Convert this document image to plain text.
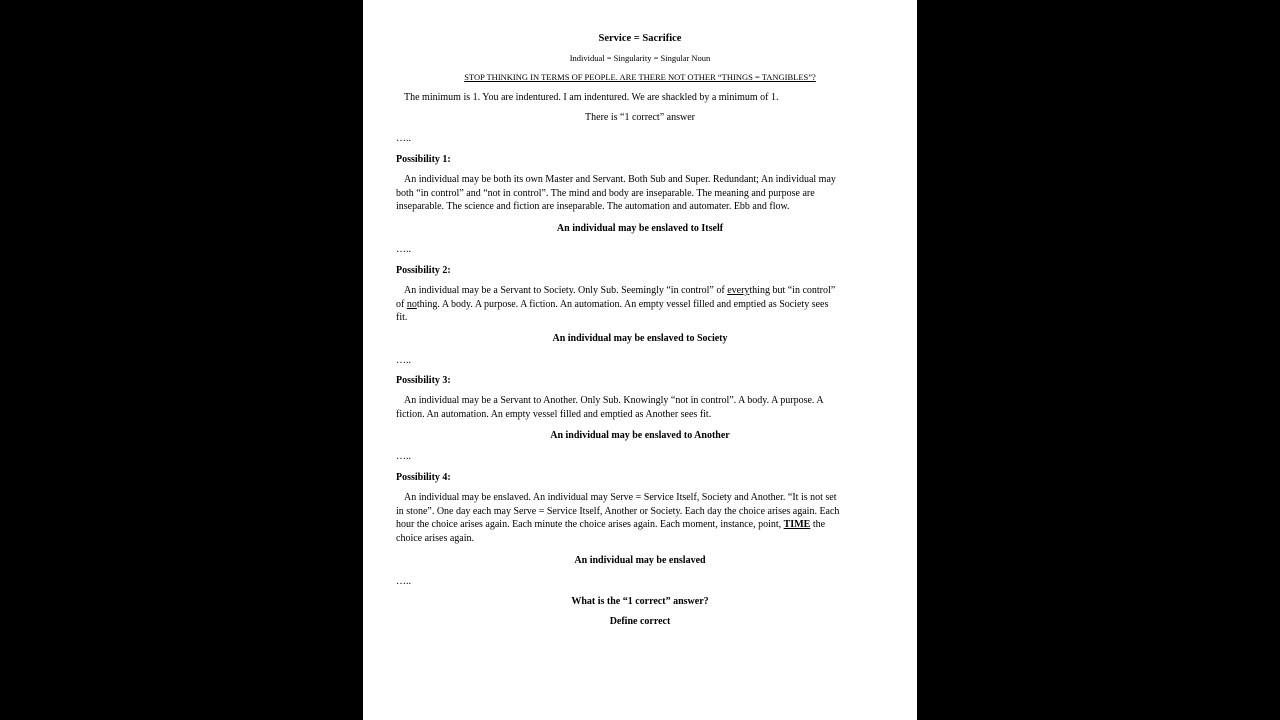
Service = Sacrifice
Individual = Singularity = Singular Noun
STOP THINKING IN TERMS OF PEOPLE. ARE THERE NOT OTHER “THINGS = TANGIBLES”?
The minimum is 1. You are indentured. I am indentured. We are shackled by a minimum of 1.
There is “1 correct” answer
…..
Possibility 1:
An individual may be both its own Master and Servant. Both Sub and Super. Redundant; An individual may
both “in control” and “not in control”. The mind and body are inseparable. The meaning and purpose are
inseparable. The science and fiction are inseparable. The automation and automater. Ebb and flow.
An individual may be enslaved to Itself
…..
Possibility 2:
An individual may be a Servant to Society. Only Sub. Seemingly “in control” of everything but “in control”
of nothing. A body. A purpose. A fiction. An automation. An empty vessel filled and emptied as Society sees
fit.
An individual may be enslaved to Society
…..
Possibility 3:
An individual may be a Servant to Another. Only Sub. Knowingly “not in control”. A body. A purpose. A
fiction. An automation. An empty vessel filled and emptied as Another sees fit.
An individual may be enslaved to Another
…..
Possibility 4:
An individual may be enslaved. An individual may Serve = Service Itself, Society and Another. “It is not set
in stone”. One day each may Serve = Service Itself, Another or Society. Each day the choice arises again. Each
hour the choice arises again. Each minute the choice arises again. Each moment, instance, point, TIME the
choice arises again.
An individual may be enslaved
…..
What is the “1 correct” answer?
Define correct
